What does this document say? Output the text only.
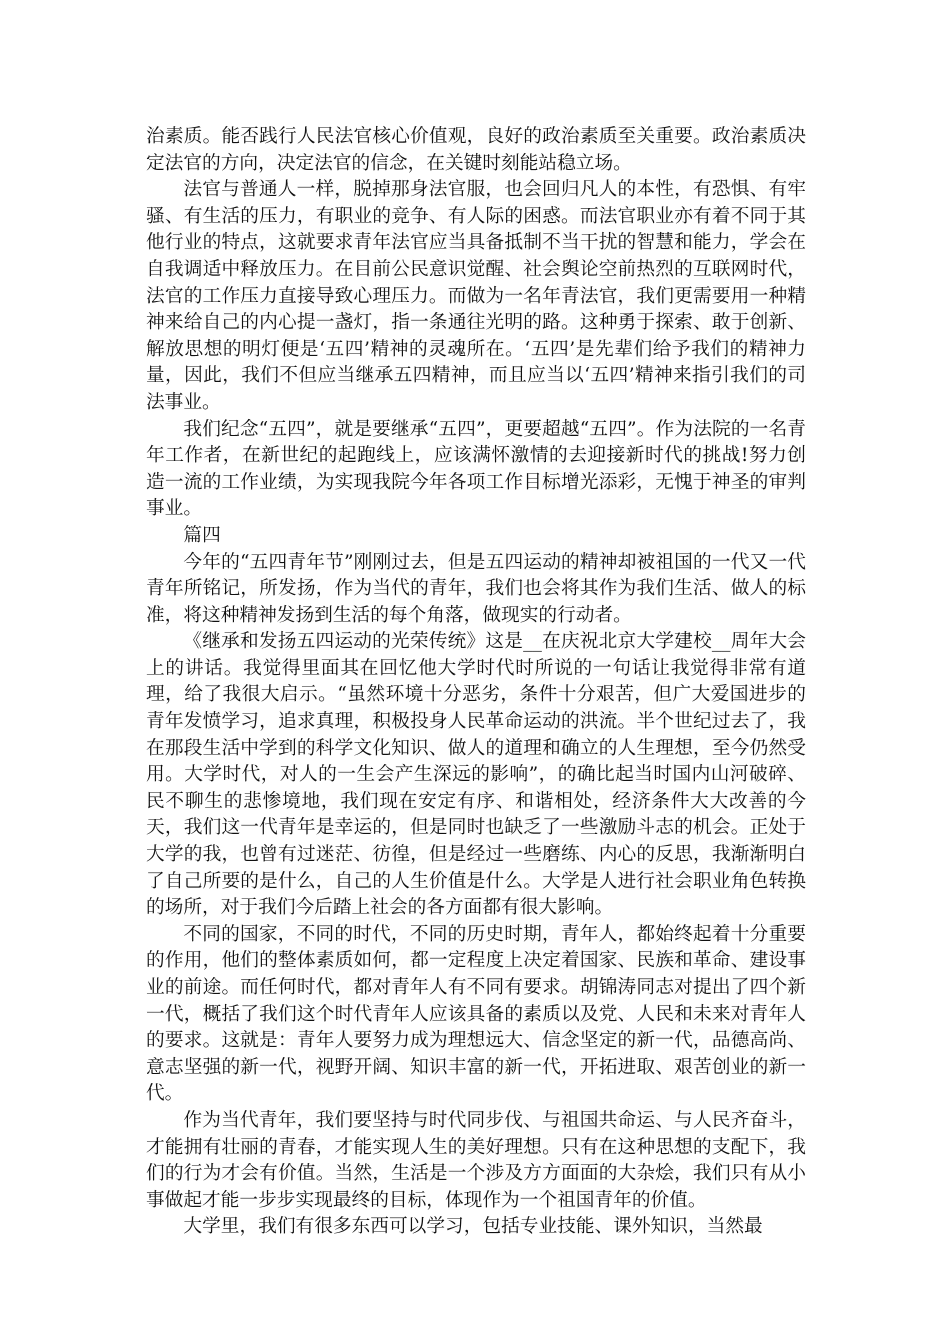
治素质。能否践行人民法官核心价值观，良好的政治素质至关重要。政治素质决定法官的方向，决定法官的信念，在关键时刻能站稳立场。

法官与普通人一样，脱掉那身法官服，也会回归凡人的本性，有恐惧、有牢骚、有生活的压力，有职业的竞争、有人际的困惑。而法官职业亦有着不同于其他行业的特点，这就要求青年法官应当具备抵制不当干扰的智慧和能力，学会在自我调适中释放压力。在目前公民意识觉醒、社会舆论空前热烈的互联网时代，法官的工作压力直接导致心理压力。而做为一名年青法官，我们更需要用一种精神来给自己的内心提一盏灯，指一条通往光明的路。这种勇于探索、敢于创新、解放思想的明灯便是‘五四’精神的灵魂所在。‘五四’是先辈们给予我们的精神力量，因此，我们不但应当继承五四精神，而且应当以‘五四’精神来指引我们的司法事业。

我们纪念“五四”，就是要继承“五四”，更要超越“五四”。作为法院的一名青年工作者，在新世纪的起跑线上，应该满怀激情的去迎接新时代的挑战!努力创造一流的工作业绩，为实现我院今年各项工作目标增光添彩，无愧于神圣的审判事业。

篇四

今年的“五四青年节”刚刚过去，但是五四运动的精神却被祖国的一代又一代青年所铭记，所发扬，作为当代的青年，我们也会将其作为我们生活、做人的标准，将这种精神发扬到生活的每个角落，做现实的行动者。

《继承和发扬五四运动的光荣传统》这是__在庆祝北京大学建校__周年大会上的讲话。我觉得里面其在回忆他大学时代时所说的一句话让我觉得非常有道理，给了我很大启示。“虽然环境十分恶劣，条件十分艰苦，但广大爱国进步的青年发愤学习，追求真理，积极投身人民革命运动的洪流。半个世纪过去了，我在那段生活中学到的科学文化知识、做人的道理和确立的人生理想，至今仍然受用。大学时代，对人的一生会产生深远的影响”，的确比起当时国内山河破碎、民不聊生的悲惨境地，我们现在安定有序、和谐相处，经济条件大大改善的今天，我们这一代青年是幸运的，但是同时也缺乏了一些激励斗志的机会。正处于大学的我，也曾有过迷茫、彷徨，但是经过一些磨练、内心的反思，我渐渐明白了自己所要的是什么，自己的人生价值是什么。大学是人进行社会职业角色转换的场所，对于我们今后踏上社会的各方面都有很大影响。

不同的国家，不同的时代，不同的历史时期，青年人，都始终起着十分重要的作用，他们的整体素质如何，都一定程度上决定着国家、民族和革命、建设事业的前途。而任何时代，都对青年人有不同有要求。胡锦涛同志对提出了四个新一代，概括了我们这个时代青年人应该具备的素质以及党、人民和未来对青年人的要求。这就是：青年人要努力成为理想远大、信念坚定的新一代，品德高尚、意志坚强的新一代，视野开阔、知识丰富的新一代，开拓进取、艰苦创业的新一代。

作为当代青年，我们要坚持与时代同步伐、与祖国共命运、与人民齐奋斗，才能拥有壮丽的青春，才能实现人生的美好理想。只有在这种思想的支配下，我们的行为才会有价值。当然，生活是一个涉及方方面面的大杂烩，我们只有从小事做起才能一步步实现最终的目标，体现作为一个祖国青年的价值。

大学里，我们有很多东西可以学习，包括专业技能、课外知识，当然最
